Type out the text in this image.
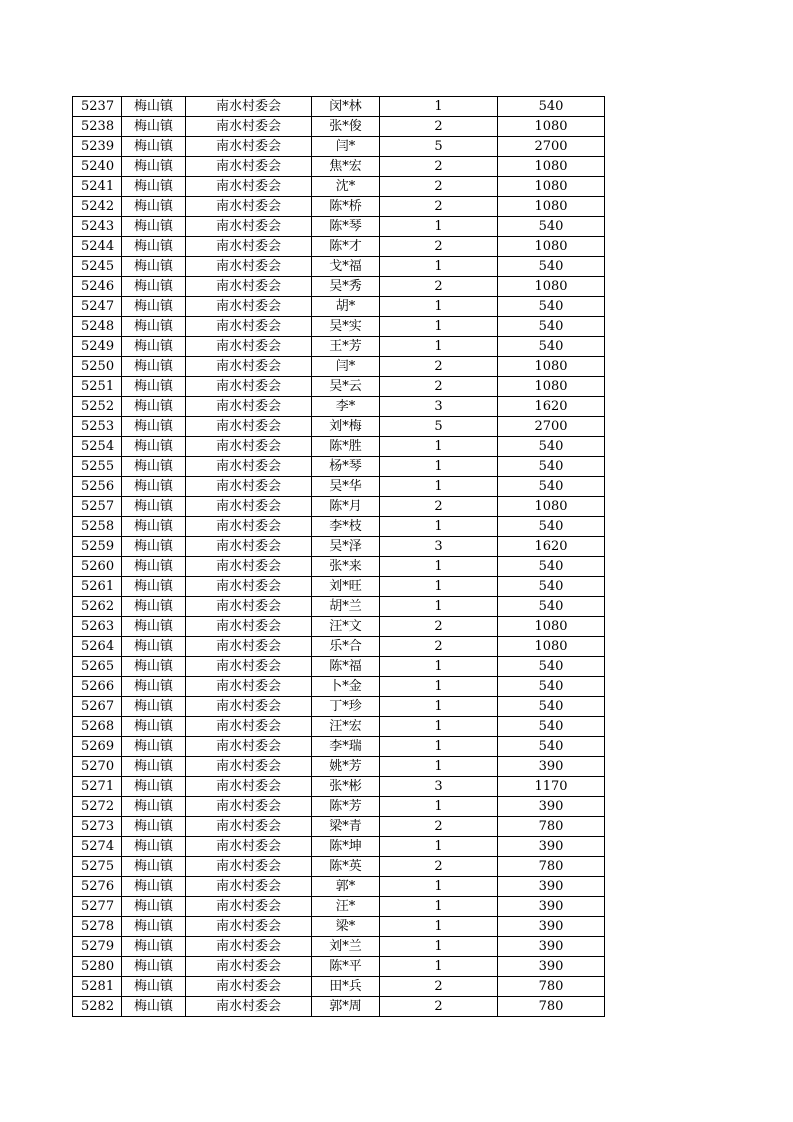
5237	梅山镇	南水村委会	闵*林	1	540
5238	梅山镇	南水村委会	张*俊	2	1080
5239	梅山镇	南水村委会	闫*	5	2700
5240	梅山镇	南水村委会	焦*宏	2	1080
5241	梅山镇	南水村委会	沈*	2	1080
5242	梅山镇	南水村委会	陈*桥	2	1080
5243	梅山镇	南水村委会	陈*琴	1	540
5244	梅山镇	南水村委会	陈*才	2	1080
5245	梅山镇	南水村委会	戈*福	1	540
5246	梅山镇	南水村委会	吴*秀	2	1080
5247	梅山镇	南水村委会	胡*	1	540
5248	梅山镇	南水村委会	吴*实	1	540
5249	梅山镇	南水村委会	王*芳	1	540
5250	梅山镇	南水村委会	闫*	2	1080
5251	梅山镇	南水村委会	吴*云	2	1080
5252	梅山镇	南水村委会	李*	3	1620
5253	梅山镇	南水村委会	刘*梅	5	2700
5254	梅山镇	南水村委会	陈*胜	1	540
5255	梅山镇	南水村委会	杨*琴	1	540
5256	梅山镇	南水村委会	吴*华	1	540
5257	梅山镇	南水村委会	陈*月	2	1080
5258	梅山镇	南水村委会	李*枝	1	540
5259	梅山镇	南水村委会	吴*泽	3	1620
5260	梅山镇	南水村委会	张*来	1	540
5261	梅山镇	南水村委会	刘*旺	1	540
5262	梅山镇	南水村委会	胡*兰	1	540
5263	梅山镇	南水村委会	汪*文	2	1080
5264	梅山镇	南水村委会	乐*合	2	1080
5265	梅山镇	南水村委会	陈*福	1	540
5266	梅山镇	南水村委会	卜*金	1	540
5267	梅山镇	南水村委会	丁*珍	1	540
5268	梅山镇	南水村委会	汪*宏	1	540
5269	梅山镇	南水村委会	李*瑞	1	540
5270	梅山镇	南水村委会	姚*芳	1	390
5271	梅山镇	南水村委会	张*彬	3	1170
5272	梅山镇	南水村委会	陈*芳	1	390
5273	梅山镇	南水村委会	梁*青	2	780
5274	梅山镇	南水村委会	陈*坤	1	390
5275	梅山镇	南水村委会	陈*英	2	780
5276	梅山镇	南水村委会	郭*	1	390
5277	梅山镇	南水村委会	汪*	1	390
5278	梅山镇	南水村委会	梁*	1	390
5279	梅山镇	南水村委会	刘*兰	1	390
5280	梅山镇	南水村委会	陈*平	1	390
5281	梅山镇	南水村委会	田*兵	2	780
5282	梅山镇	南水村委会	郭*周	2	780
